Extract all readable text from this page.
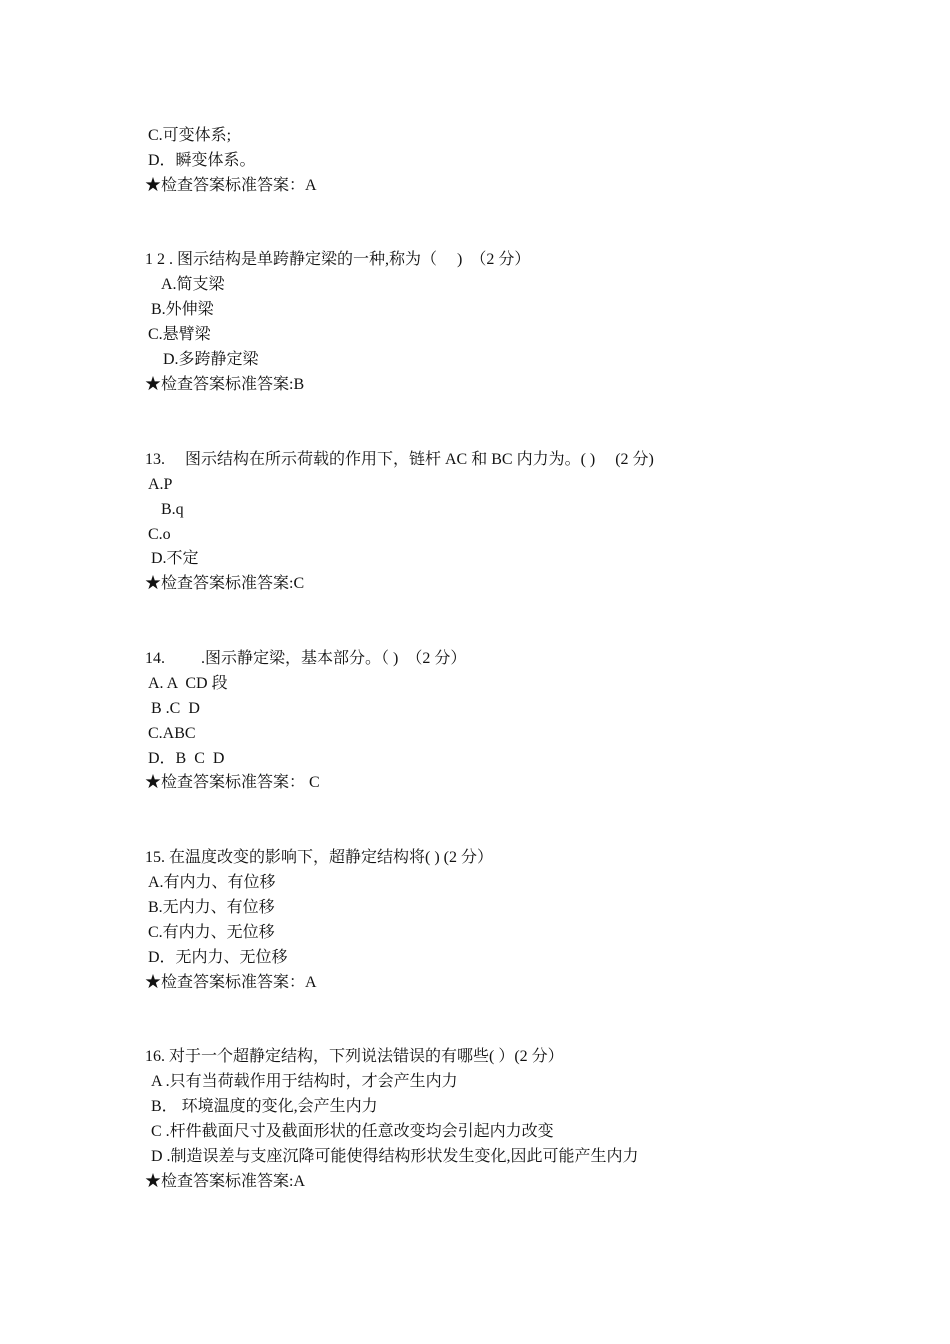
C.可变体系;
D．瞬变体系。
★检查答案标准答案：A
1 2 . 图示结构是单跨静定梁的一种,称为（　 )　（2 分）
A.简支梁
B.外伸梁
C.悬臂梁
D.多跨静定梁
★检查答案标准答案:B
13.　 图示结构在所示荷载的作用下，链杆 AC 和 BC 内力为。( )　 (2 分)
A.P
B.q
C.o
D.不定
★检查答案标准答案:C
14.　　 .图示静定梁，基本部分。（ )　（2 分）
A. A  CD 段
B .C  D
C.ABC
D．B  C  D
★检查答案标准答案： C
15. 在温度改变的影响下，超静定结构将( ) (2 分）
A.有内力、有位移
B.无内力、有位移
C.有内力、无位移
D．无内力、无位移
★检查答案标准答案：A
16. 对于一个超静定结构，下列说法错误的有哪些( ）(2 分）
A .只有当荷载作用于结构时，才会产生内力
B． 环境温度的变化,会产生内力
C .杆件截面尺寸及截面形状的任意改变均会引起内力改变
D .制造误差与支座沉降可能使得结构形状发生变化,因此可能产生内力
★检查答案标准答案:A
